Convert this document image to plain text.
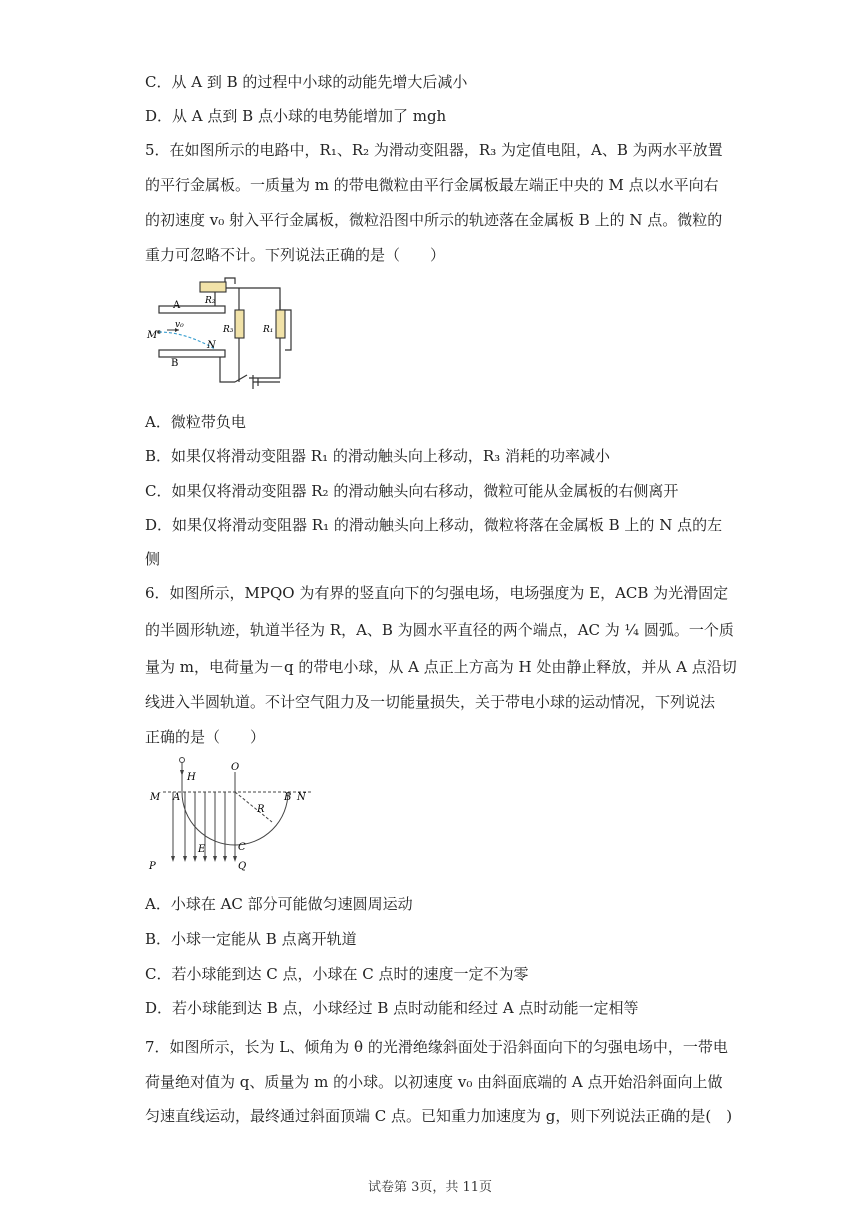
C．从 A 到 B 的过程中小球的动能先增大后减小
D．从 A 点到 B 点小球的电势能增加了 mgh
5．在如图所示的电路中，R₁、R₂ 为滑动变阻器，R₃ 为定值电阻，A、B 为两水平放置
的平行金属板。一质量为 m 的带电微粒由平行金属板最左端正中央的 M 点以水平向右
的初速度 v₀ 射入平行金属板，微粒沿图中所示的轨迹落在金属板 B 上的 N 点。微粒的
重力可忽略不计。下列说法正确的是（　　）
A
B
M
N
v₀
R₂
R₃	R₁
A．微粒带负电
B．如果仅将滑动变阻器 R₁ 的滑动触头向上移动，R₃ 消耗的功率减小
C．如果仅将滑动变阻器 R₂ 的滑动触头向右移动，微粒可能从金属板的右侧离开
D．如果仅将滑动变阻器 R₁ 的滑动触头向上移动，微粒将落在金属板 B 上的 N 点的左
侧
6．如图所示，MPQO 为有界的竖直向下的匀强电场，电场强度为 E，ACB 为光滑固定
的半圆形轨迹，轨道半径为 R，A、B 为圆水平直径的两个端点，AC 为 ¼ 圆弧。一个质
量为 m，电荷量为－q 的带电小球，从 A 点正上方高为 H 处由静止释放，并从 A 点沿切
线进入半圆轨道。不计空气阻力及一切能量损失，关于带电小球的运动情况，下列说法
正确的是（　　）
H
O
M A
R
B N
E	C
P	Q
A．小球在 AC 部分可能做匀速圆周运动
B．小球一定能从 B 点离开轨道
C．若小球能到达 C 点，小球在 C 点时的速度一定不为零
D．若小球能到达 B 点，小球经过 B 点时动能和经过 A 点时动能一定相等
7．如图所示，长为 L、倾角为 θ 的光滑绝缘斜面处于沿斜面向下的匀强电场中，一带电
荷量绝对值为 q、质量为 m 的小球。以初速度 v₀ 由斜面底端的 A 点开始沿斜面向上做
匀速直线运动，最终通过斜面顶端 C 点。已知重力加速度为 g，则下列说法正确的是(　)
试卷第 3页，共 11页
